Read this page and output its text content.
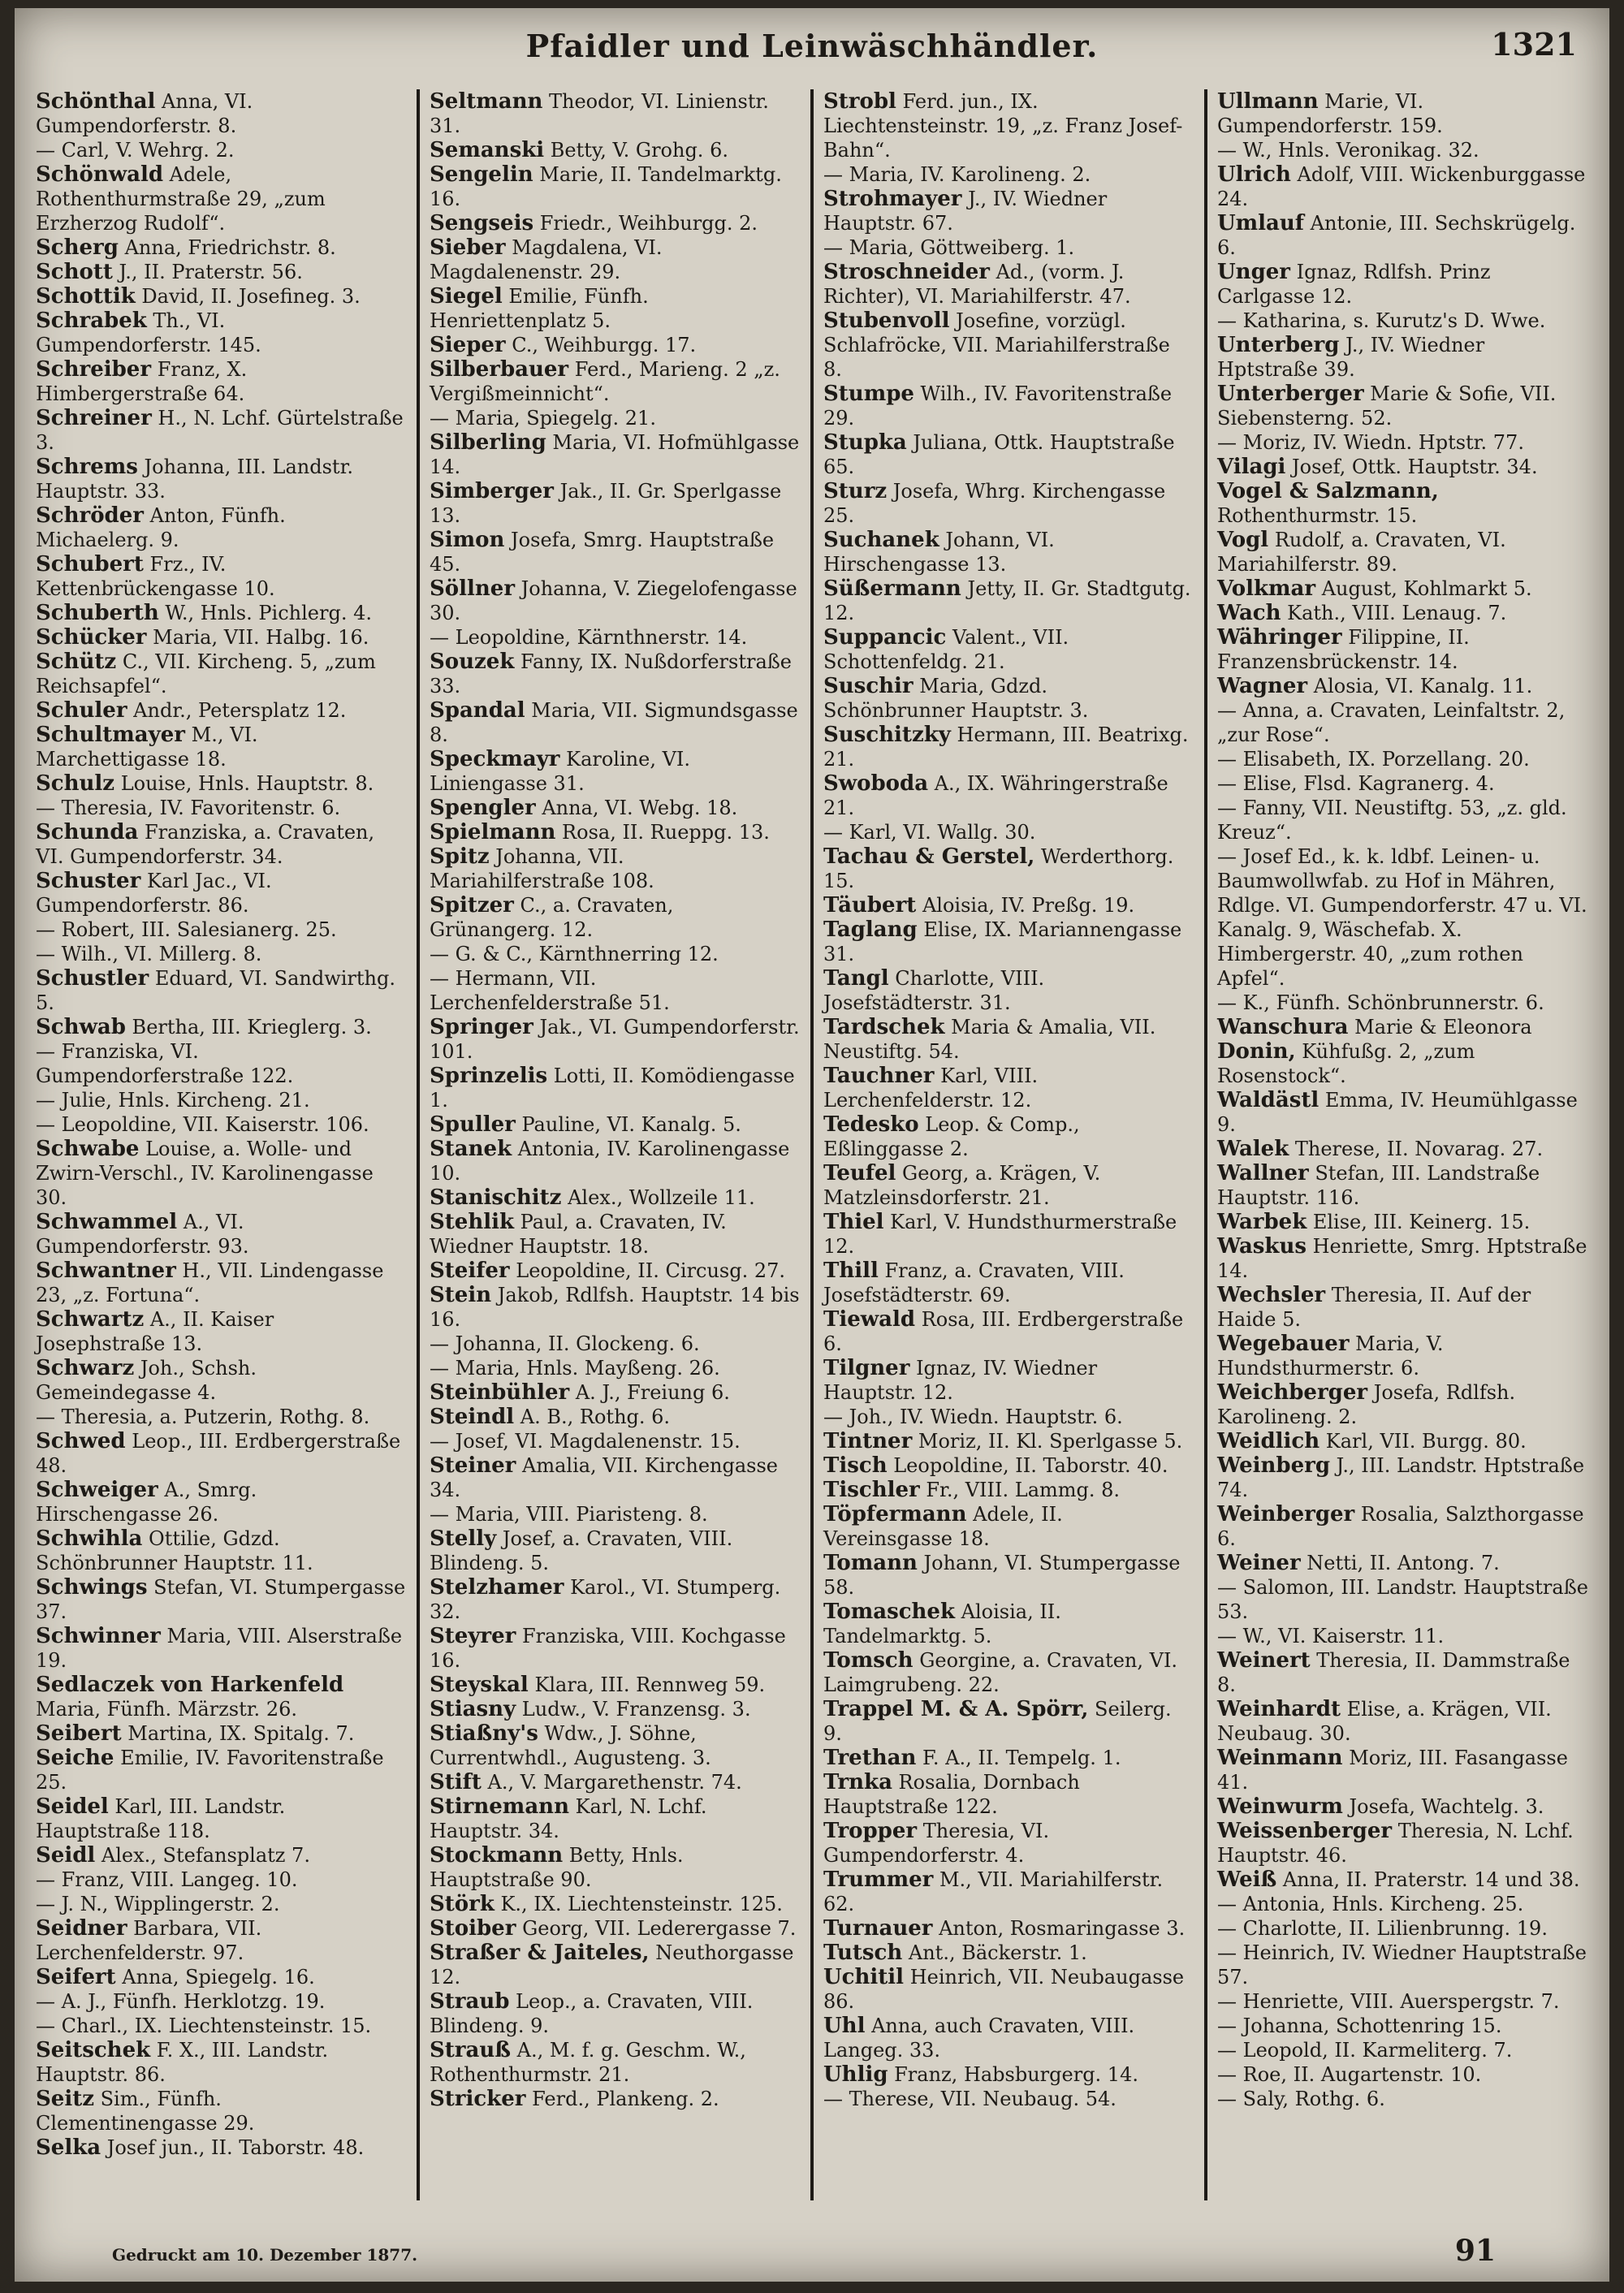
Pfaidler und Leinwäschhändler.	1321

Schönthal Anna, VI. Gumpendorferstr. 8.

— Carl, V. Wehrg. 2.

Schönwald Adele, Rothenthurmstraße 29, „zum Erzherzog Rudolf“.

Scherg Anna, Friedrichstr. 8.

Schott J., II. Praterstr. 56.

Schottik David, II. Josefineg. 3.

Schrabek Th., VI. Gumpendorferstr. 145.

Schreiber Franz, X. Himbergerstraße 64.

Schreiner H., N. Lchf. Gürtelstraße 3.

Schrems Johanna, III. Landstr. Hauptstr. 33.

Schröder Anton, Fünfh. Michaelerg. 9.

Schubert Frz., IV. Kettenbrückengasse 10.

Schuberth W., Hnls. Pichlerg. 4.

Schücker Maria, VII. Halbg. 16.

Schütz C., VII. Kircheng. 5, „zum Reichsapfel“.

Schuler Andr., Petersplatz 12.

Schultmayer M., VI. Marchettigasse 18.

Schulz Louise, Hnls. Hauptstr. 8.

— Theresia, IV. Favoritenstr. 6.

Schunda Franziska, a. Cravaten, VI. Gumpendorferstr. 34.

Schuster Karl Jac., VI. Gumpendorferstr. 86.

— Robert, III. Salesianerg. 25.

— Wilh., VI. Millerg. 8.

Schustler Eduard, VI. Sandwirthg. 5.

Schwab Bertha, III. Krieglerg. 3.

— Franziska, VI. Gumpendorferstraße 122.

— Julie, Hnls. Kircheng. 21.

— Leopoldine, VII. Kaiserstr. 106.

Schwabe Louise, a. Wolle- und Zwirn-Verschl., IV. Karolinengasse 30.

Schwammel A., VI. Gumpendorferstr. 93.

Schwantner H., VII. Lindengasse 23, „z. Fortuna“.

Schwartz A., II. Kaiser Josephstraße 13.

Schwarz Joh., Schsh. Gemeindegasse 4.

— Theresia, a. Putzerin, Rothg. 8.

Schwed Leop., III. Erdbergerstraße 48.

Schweiger A., Smrg. Hirschengasse 26.

Schwihla Ottilie, Gdzd. Schönbrunner Hauptstr. 11.

Schwings Stefan, VI. Stumpergasse 37.

Schwinner Maria, VIII. Alserstraße 19.

Sedlaczek von Harkenfeld Maria, Fünfh. Märzstr. 26.

Seibert Martina, IX. Spitalg. 7.

Seiche Emilie, IV. Favoritenstraße 25.

Seidel Karl, III. Landstr. Hauptstraße 118.

Seidl Alex., Stefansplatz 7.

— Franz, VIII. Langeg. 10.

— J. N., Wipplingerstr. 2.

Seidner Barbara, VII. Lerchenfelderstr. 97.

Seifert Anna, Spiegelg. 16.

— A. J., Fünfh. Herklotzg. 19.

— Charl., IX. Liechtensteinstr. 15.

Seitschek F. X., III. Landstr. Hauptstr. 86.

Seitz Sim., Fünfh. Clementinengasse 29.

Selka Josef jun., II. Taborstr. 48.

Seltmann Theodor, VI. Linienstr. 31.

Semanski Betty, V. Grohg. 6.

Sengelin Marie, II. Tandelmarktg. 16.

Sengseis Friedr., Weihburgg. 2.

Sieber Magdalena, VI. Magdalenenstr. 29.

Siegel Emilie, Fünfh. Henriettenplatz 5.

Sieper C., Weihburgg. 17.

Silberbauer Ferd., Marieng. 2 „z. Vergißmeinnicht“.

— Maria, Spiegelg. 21.

Silberling Maria, VI. Hofmühlgasse 14.

Simberger Jak., II. Gr. Sperlgasse 13.

Simon Josefa, Smrg. Hauptstraße 45.

Söllner Johanna, V. Ziegelofengasse 30.

— Leopoldine, Kärnthnerstr. 14.

Souzek Fanny, IX. Nußdorferstraße 33.

Spandal Maria, VII. Sigmundsgasse 8.

Speckmayr Karoline, VI. Liniengasse 31.

Spengler Anna, VI. Webg. 18.

Spielmann Rosa, II. Rueppg. 13.

Spitz Johanna, VII. Mariahilferstraße 108.

Spitzer C., a. Cravaten, Grünangerg. 12.

— G. & C., Kärnthnerring 12.

— Hermann, VII. Lerchenfelderstraße 51.

Springer Jak., VI. Gumpendorferstr. 101.

Sprinzelis Lotti, II. Komödiengasse 1.

Spuller Pauline, VI. Kanalg. 5.

Stanek Antonia, IV. Karolinengasse 10.

Stanischitz Alex., Wollzeile 11.

Stehlik Paul, a. Cravaten, IV. Wiedner Hauptstr. 18.

Steifer Leopoldine, II. Circusg. 27.

Stein Jakob, Rdlfsh. Hauptstr. 14 bis 16.

— Johanna, II. Glockeng. 6.

— Maria, Hnls. Mayßeng. 26.

Steinbühler A. J., Freiung 6.

Steindl A. B., Rothg. 6.

— Josef, VI. Magdalenenstr. 15.

Steiner Amalia, VII. Kirchengasse 34.

— Maria, VIII. Piaristeng. 8.

Stelly Josef, a. Cravaten, VIII. Blindeng. 5.

Stelzhamer Karol., VI. Stumperg. 32.

Steyrer Franziska, VIII. Kochgasse 16.

Steyskal Klara, III. Rennweg 59.

Stiasny Ludw., V. Franzensg. 3.

Stiaßny's Wdw., J. Söhne, Currentwhdl., Augusteng. 3.

Stift A., V. Margarethenstr. 74.

Stirnemann Karl, N. Lchf. Hauptstr. 34.

Stockmann Betty, Hnls. Hauptstraße 90.

Störk K., IX. Liechtensteinstr. 125.

Stoiber Georg, VII. Lederergasse 7.

Straßer & Jaiteles, Neuthorgasse 12.

Straub Leop., a. Cravaten, VIII. Blindeng. 9.

Strauß A., M. f. g. Geschm. W., Rothenthurmstr. 21.

Stricker Ferd., Plankeng. 2.

Strobl Ferd. jun., IX. Liechtensteinstr. 19, „z. Franz Josef-Bahn“.

— Maria, IV. Karolineng. 2.

Strohmayer J., IV. Wiedner Hauptstr. 67.

— Maria, Göttweiberg. 1.

Stroschneider Ad., (vorm. J. Richter), VI. Mariahilferstr. 47.

Stubenvoll Josefine, vorzügl. Schlafröcke, VII. Mariahilferstraße 8.

Stumpe Wilh., IV. Favoritenstraße 29.

Stupka Juliana, Ottk. Hauptstraße 65.

Sturz Josefa, Whrg. Kirchengasse 25.

Suchanek Johann, VI. Hirschengasse 13.

Süßermann Jetty, II. Gr. Stadtgutg. 12.

Suppancic Valent., VII. Schottenfeldg. 21.

Suschir Maria, Gdzd. Schönbrunner Hauptstr. 3.

Suschitzky Hermann, III. Beatrixg. 21.

Swoboda A., IX. Währingerstraße 21.

— Karl, VI. Wallg. 30.

Tachau & Gerstel, Werderthorg. 15.

Täubert Aloisia, IV. Preßg. 19.

Taglang Elise, IX. Mariannengasse 31.

Tangl Charlotte, VIII. Josefstädterstr. 31.

Tardschek Maria & Amalia, VII. Neustiftg. 54.

Tauchner Karl, VIII. Lerchenfelderstr. 12.

Tedesko Leop. & Comp., Eßlinggasse 2.

Teufel Georg, a. Krägen, V. Matzleinsdorferstr. 21.

Thiel Karl, V. Hundsthurmerstraße 12.

Thill Franz, a. Cravaten, VIII. Josefstädterstr. 69.

Tiewald Rosa, III. Erdbergerstraße 6.

Tilgner Ignaz, IV. Wiedner Hauptstr. 12.

— Joh., IV. Wiedn. Hauptstr. 6.

Tintner Moriz, II. Kl. Sperlgasse 5.

Tisch Leopoldine, II. Taborstr. 40.

Tischler Fr., VIII. Lammg. 8.

Töpfermann Adele, II. Vereinsgasse 18.

Tomann Johann, VI. Stumpergasse 58.

Tomaschek Aloisia, II. Tandelmarktg. 5.

Tomsch Georgine, a. Cravaten, VI. Laimgrubeng. 22.

Trappel M. & A. Spörr, Seilerg. 9.

Trethan F. A., II. Tempelg. 1.

Trnka Rosalia, Dornbach Hauptstraße 122.

Tropper Theresia, VI. Gumpendorferstr. 4.

Trummer M., VII. Mariahilferstr. 62.

Turnauer Anton, Rosmaringasse 3.

Tutsch Ant., Bäckerstr. 1.

Uchitil Heinrich, VII. Neubaugasse 86.

Uhl Anna, auch Cravaten, VIII. Langeg. 33.

Uhlig Franz, Habsburgerg. 14.

— Therese, VII. Neubaug. 54.

Ullmann Marie, VI. Gumpendorferstr. 159.

— W., Hnls. Veronikag. 32.

Ulrich Adolf, VIII. Wickenburggasse 24.

Umlauf Antonie, III. Sechskrügelg. 6.

Unger Ignaz, Rdlfsh. Prinz Carlgasse 12.

— Katharina, s. Kurutz's D. Wwe.

Unterberg J., IV. Wiedner Hptstraße 39.

Unterberger Marie & Sofie, VII. Siebensterng. 52.

— Moriz, IV. Wiedn. Hptstr. 77.

Vilagi Josef, Ottk. Hauptstr. 34.

Vogel & Salzmann, Rothenthurmstr. 15.

Vogl Rudolf, a. Cravaten, VI. Mariahilferstr. 89.

Volkmar August, Kohlmarkt 5.

Wach Kath., VIII. Lenaug. 7.

Währinger Filippine, II. Franzensbrückenstr. 14.

Wagner Alosia, VI. Kanalg. 11.

— Anna, a. Cravaten, Leinfaltstr. 2, „zur Rose“.

— Elisabeth, IX. Porzellang. 20.

— Elise, Flsd. Kagranerg. 4.

— Fanny, VII. Neustiftg. 53, „z. gld. Kreuz“.

— Josef Ed., k. k. ldbf. Leinen- u. Baumwollwfab. zu Hof in Mähren, Rdlge. VI. Gumpendorferstr. 47 u. VI. Kanalg. 9, Wäschefab. X. Himbergerstr. 40, „zum rothen Apfel“.

— K., Fünfh. Schönbrunnerstr. 6.

Wanschura Marie & Eleonora

Donin, Kühfußg. 2, „zum Rosenstock“.

Waldästl Emma, IV. Heumühlgasse 9.

Walek Therese, II. Novarag. 27.

Wallner Stefan, III. Landstraße Hauptstr. 116.

Warbek Elise, III. Keinerg. 15.

Waskus Henriette, Smrg. Hptstraße 14.

Wechsler Theresia, II. Auf der Haide 5.

Wegebauer Maria, V. Hundsthurmerstr. 6.

Weichberger Josefa, Rdlfsh. Karolineng. 2.

Weidlich Karl, VII. Burgg. 80.

Weinberg J., III. Landstr. Hptstraße 74.

Weinberger Rosalia, Salzthorgasse 6.

Weiner Netti, II. Antong. 7.

— Salomon, III. Landstr. Hauptstraße 53.

— W., VI. Kaiserstr. 11.

Weinert Theresia, II. Dammstraße 8.

Weinhardt Elise, a. Krägen, VII. Neubaug. 30.

Weinmann Moriz, III. Fasangasse 41.

Weinwurm Josefa, Wachtelg. 3.

Weissenberger Theresia, N. Lchf. Hauptstr. 46.

Weiß Anna, II. Praterstr. 14 und 38.

— Antonia, Hnls. Kircheng. 25.

— Charlotte, II. Lilienbrunng. 19.

— Heinrich, IV. Wiedner Hauptstraße 57.

— Henriette, VIII. Auerspergstr. 7.

— Johanna, Schottenring 15.

— Leopold, II. Karmeliterg. 7.

— Roe, II. Augartenstr. 10.

— Saly, Rothg. 6.

Gedruckt am 10. Dezember 1877.	91
